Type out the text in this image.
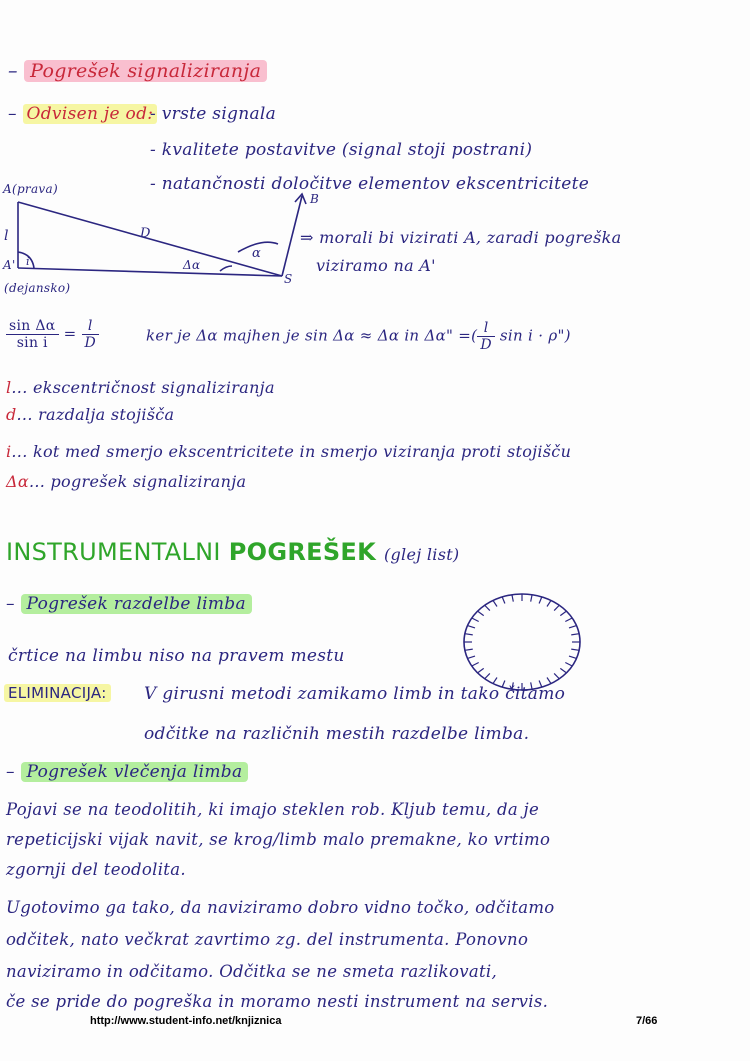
– Pogrešek signaliziranja
– Odvisen je od:
- vrste signala
- kvalitete postavitve (signal stoji postrani)
- natančnosti določitve elementov ekscentricitete
A(prava)
l
A'
(dejansko)
i
D
Δα
α
B
S
⇒ morali bi vizirati A, zaradi pogreška
viziramo na A'
$\frac{\text{sin Δα}}{\text{sin i}} = \frac{l}{D}$	ker je Δα majhen je sin Δα ≈ Δα in Δα" =( $\frac{l}{D}$ sin i · ρ")
l... ekscentričnost signaliziranja
d... razdalja stojišča
i... kot med smerjo ekscentricitete in smerjo viziranja proti stojišču
Δα... pogrešek signaliziranja
INSTRUMENTALNI POGREŠEK (glej list)
– Pogrešek razdelbe limba
črtice na limbu niso na pravem mestu
ELIMINACIJA: V girusni metodi zamikamo limb in tako čitamo
odčitke na različnih mestih razdelbe limba.
– Pogrešek vlečenja limba
Pojavi se na teodolitih, ki imajo steklen rob. Kljub temu, da je
repeticijski vijak navit, se krog/limb malo premakne, ko vrtimo
zgornji del teodolita.
Ugotovimo ga tako, da naviziramo dobro vidno točko, odčitamo
odčitek, nato večkrat zavrtimo zg. del instrumenta. Ponovno
naviziramo in odčitamo. Odčitka se ne smeta razlikovati,
če se pride do pogreška in moramo nesti instrument na servis.
http://www.student-info.net/knjiznica	7/66
